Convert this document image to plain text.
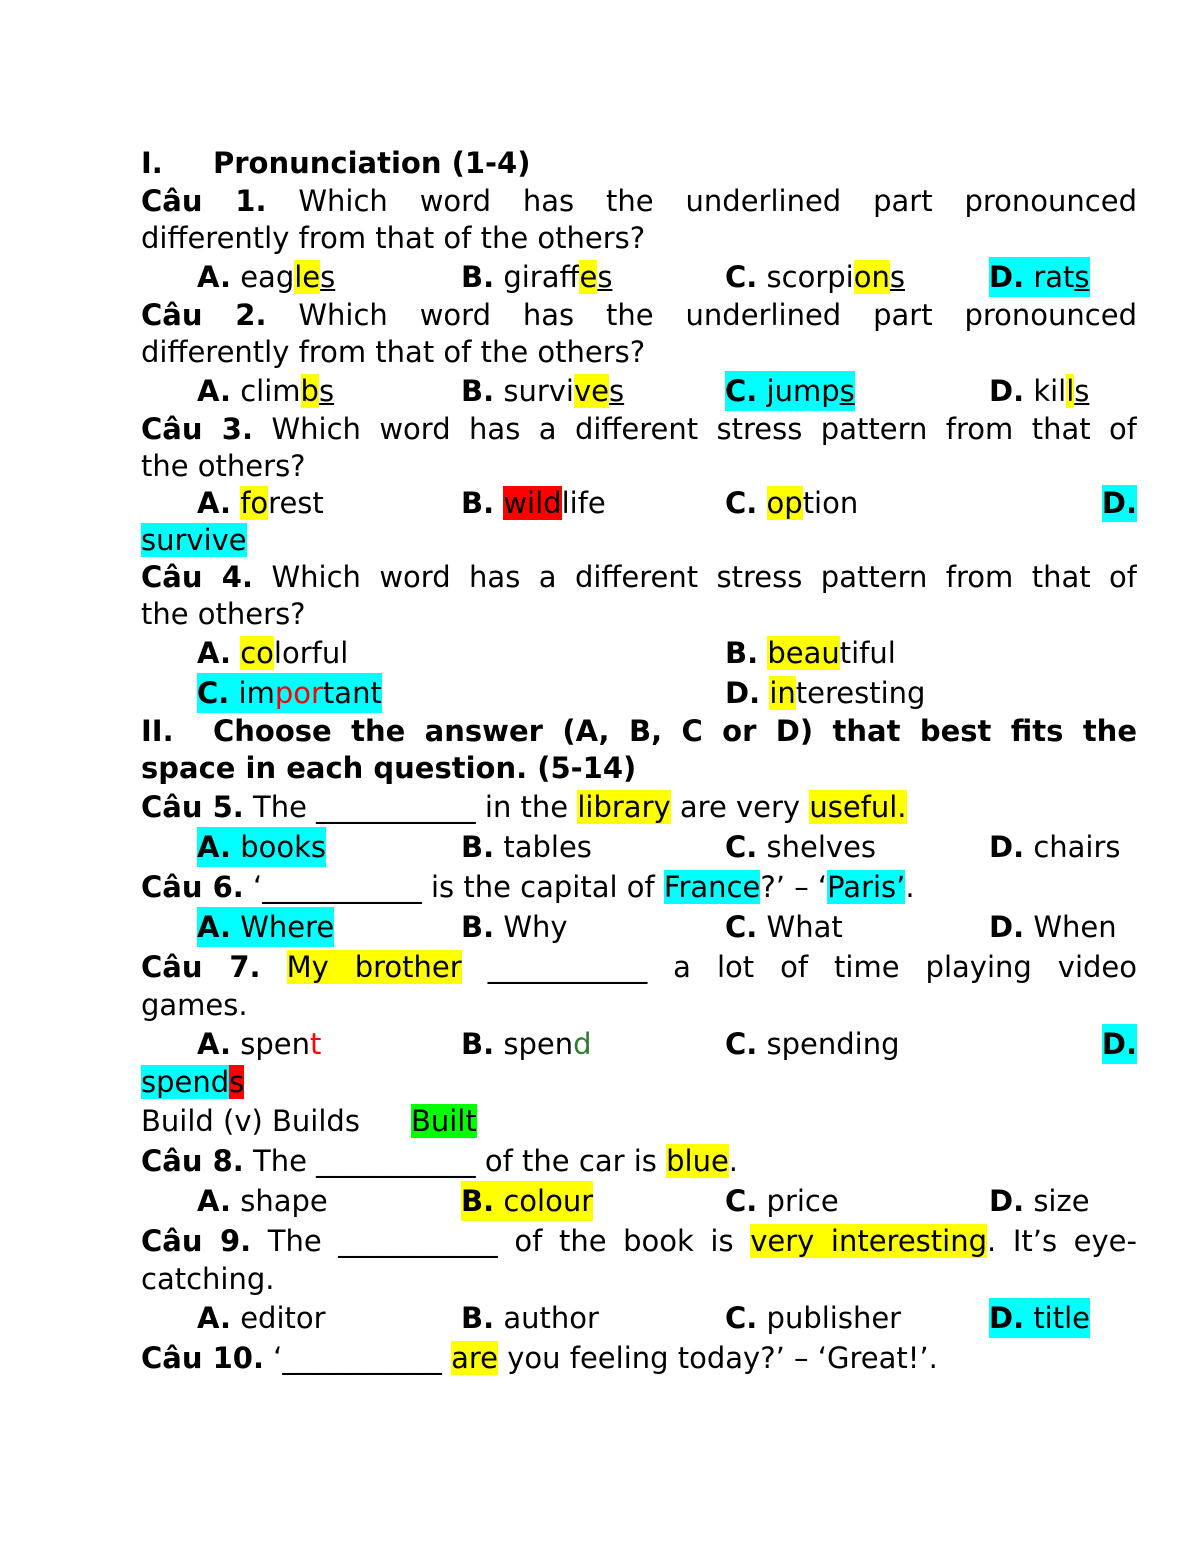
I. Pronunciation (1-4)
Câu 1. Which word has the underlined part pronounced
differently from that of the others?
A. eagles	B. giraffes	C. scorpions	D. rats
Câu 2. Which word has the underlined part pronounced
differently from that of the others?
A. climbs	B. survives	C. jumps	D. kills
Câu 3. Which word has a different stress pattern from that of
the others?
A. forest	B. wildlife	C. option	D.
survive
Câu 4. Which word has a different stress pattern from that of
the others?
A. colorful	B. beautiful
C. important	D. interesting
II. Choose the answer (A, B, C or D) that best fits the
space in each question. (5-14)
Câu 5. The ___________ in the library are very useful.
A. books	B. tables	C. shelves	D. chairs
Câu 6. ‘___________ is the capital of France?’ – ‘Paris’.
A. Where	B. Why	C. What	D. When
Câu 7. My brother ___________ a lot of time playing video
games.
A. spent	B. spend	C. spending	D.
spends
Build (v) Builds Built
Câu 8. The ___________ of the car is blue.
A. shape	B. colour	C. price	D. size
Câu 9. The ___________ of the book is very interesting. It’s eye-
catching.
A. editor	B. author	C. publisher	D. title
Câu 10. ‘___________ are you feeling today?’ – ‘Great!’.
